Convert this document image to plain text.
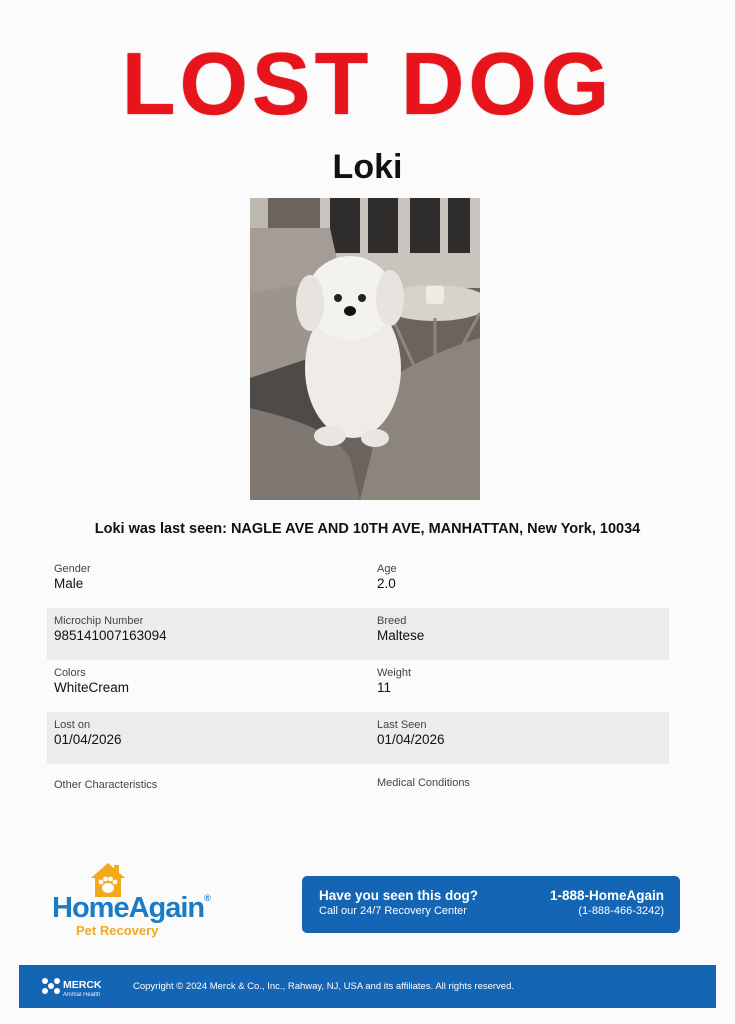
LOST DOG
Loki
Loki was last seen: NAGLE AVE AND 10TH AVE, MANHATTAN, New York, 10034
Gender
Male
Age
2.0
Microchip Number
985141007163094
Breed
Maltese
Colors
WhiteCream
Weight
11
Lost on
01/04/2026
Last Seen
01/04/2026
Other Characteristics	Medical Conditions
HomeAgain®
Pet Recovery
Have you seen this dog?
Call our 24/7 Recovery Center
1-888-HomeAgain
(1-888-466-3242)
MERCK
Animal Health
Copyright © 2024 Merck & Co., Inc., Rahway, NJ, USA and its affiliates. All rights reserved.
